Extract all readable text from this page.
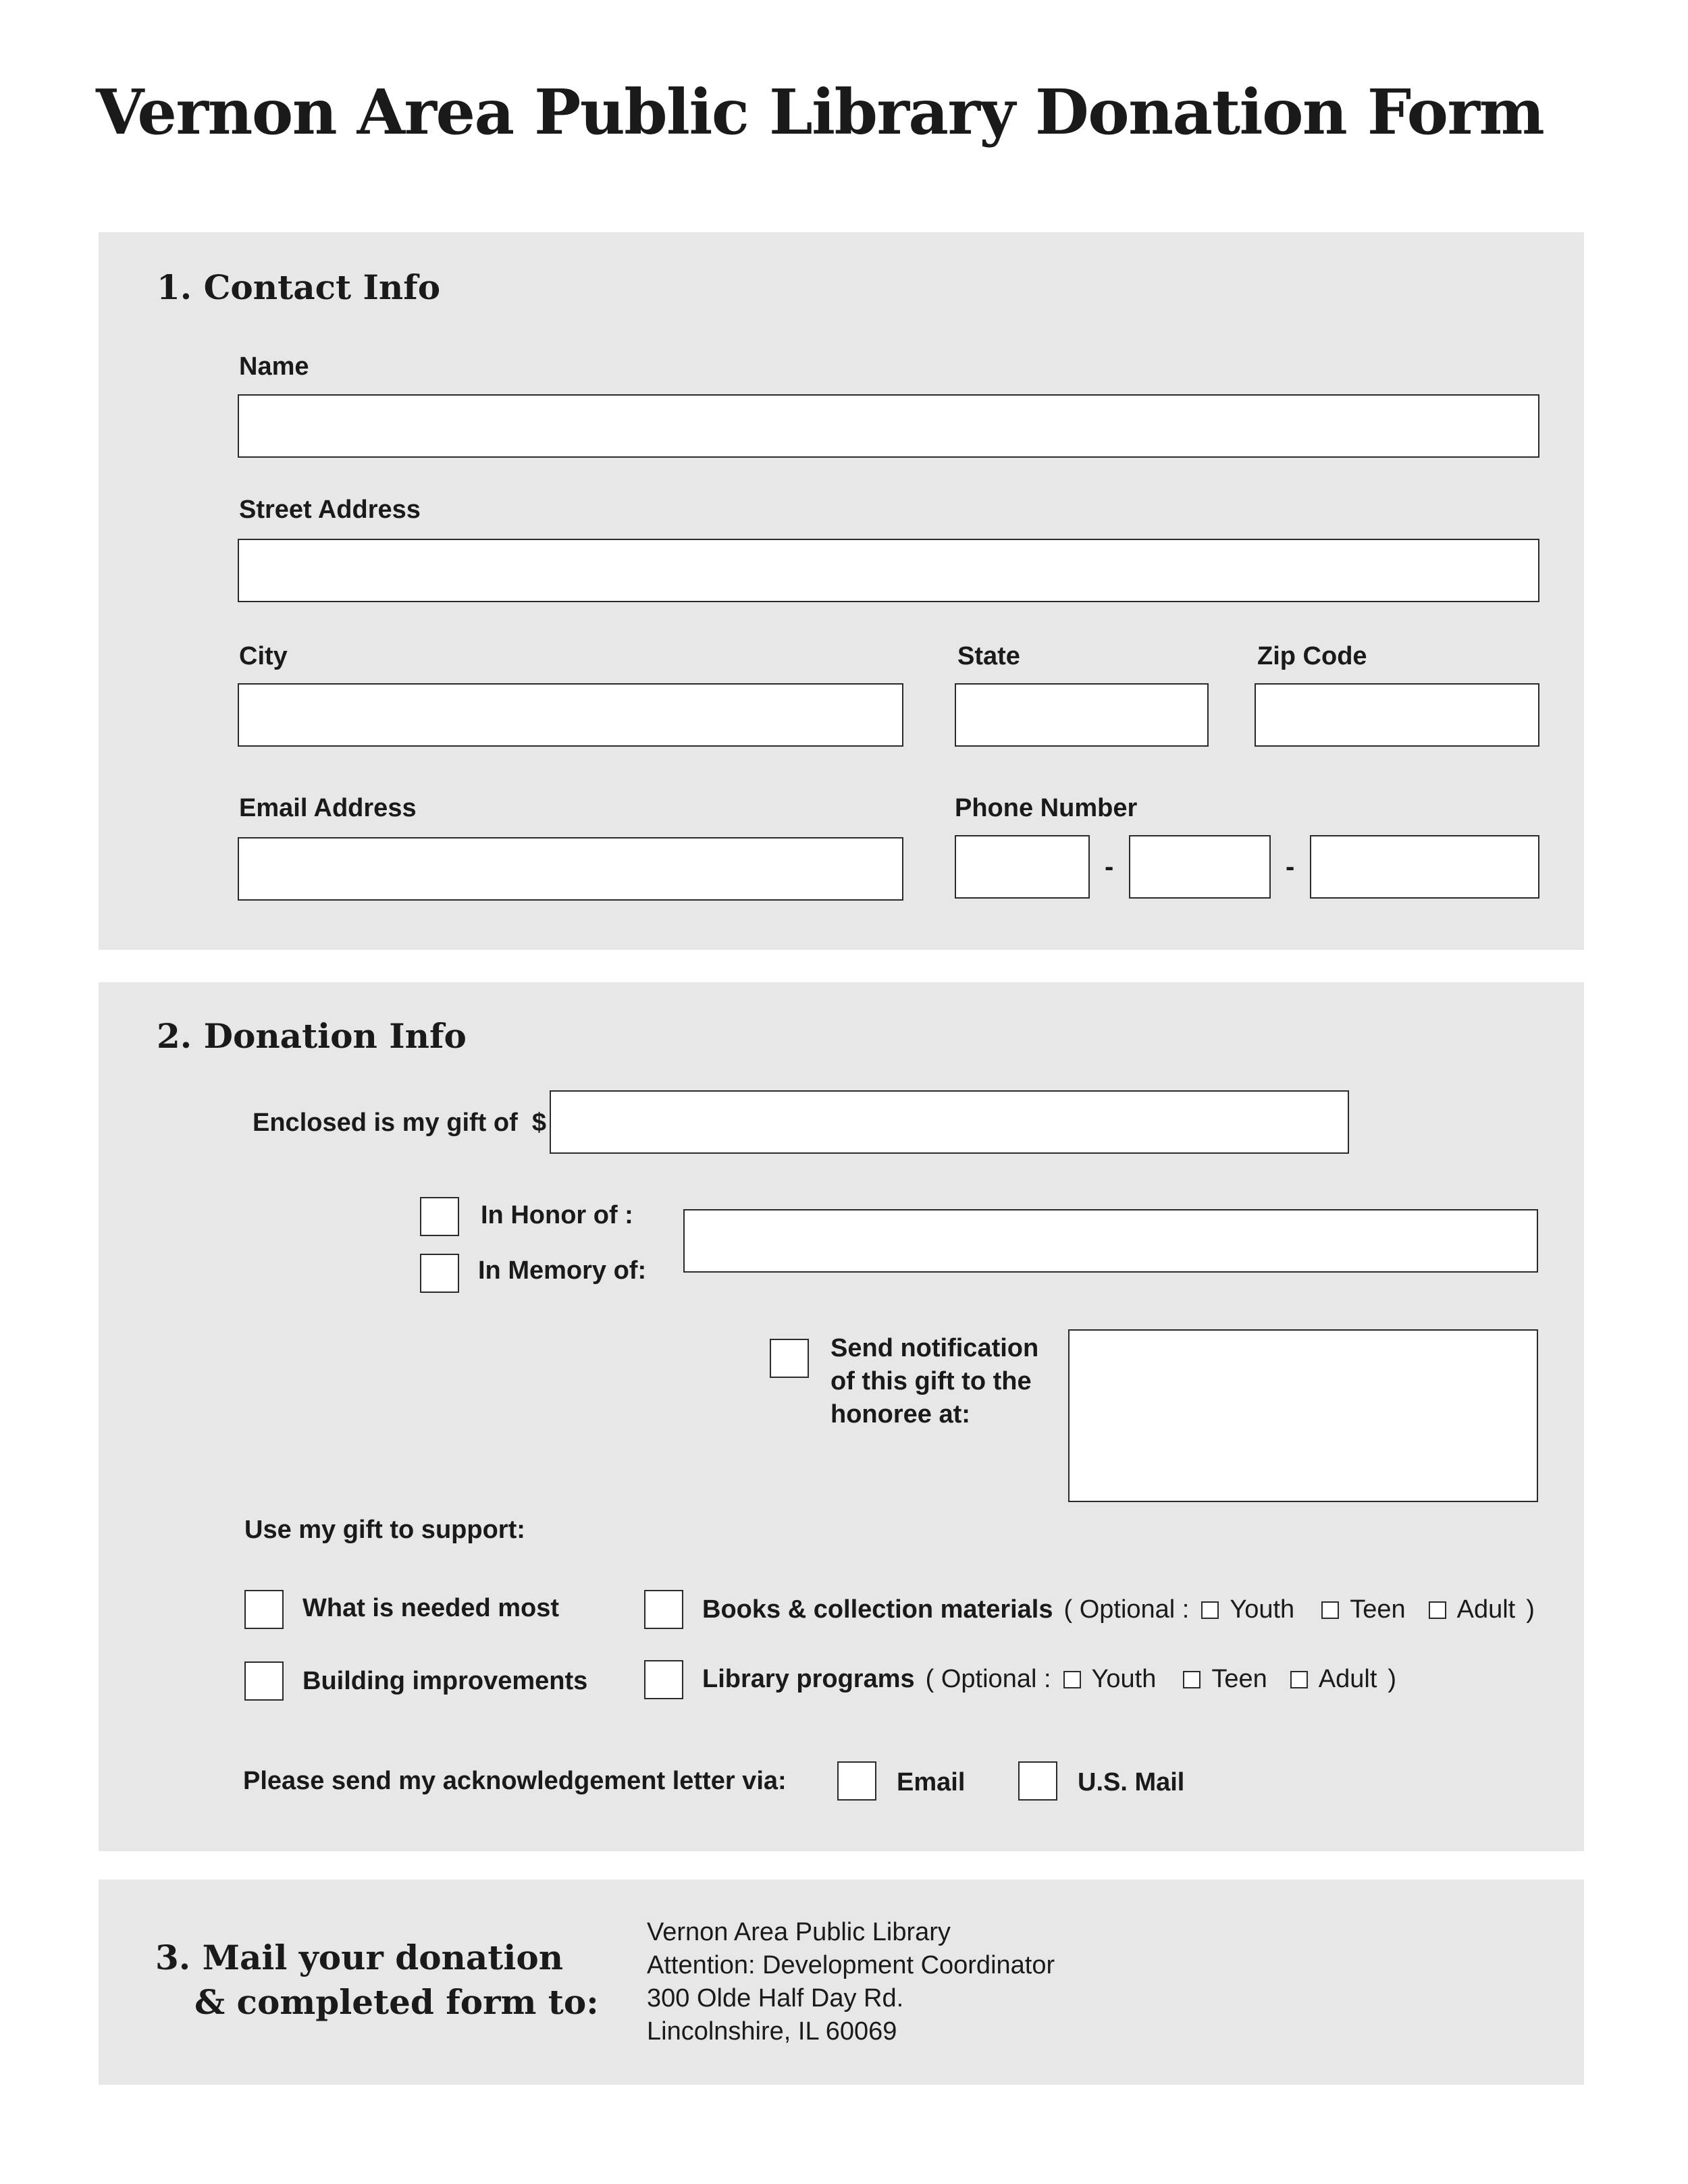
Vernon Area Public Library Donation Form
1. Contact Info
Name
Street Address
City	State	Zip Code
Email Address	Phone Number
-	-
2. Donation Info
Enclosed is my gift of $
In Honor of :
In Memory of:
Send notification
of this gift to the
honoree at:
Use my gift to support:
What is needed most	Books & collection materials ( Optional : Youth Teen Adult )
Building improvements	Library programs ( Optional : Youth Teen Adult )
Please send my acknowledgement letter via:	Email	U.S. Mail
3. Mail your donation
& completed form to:
Vernon Area Public Library
Attention: Development Coordinator
300 Olde Half Day Rd.
Lincolnshire, IL 60069
